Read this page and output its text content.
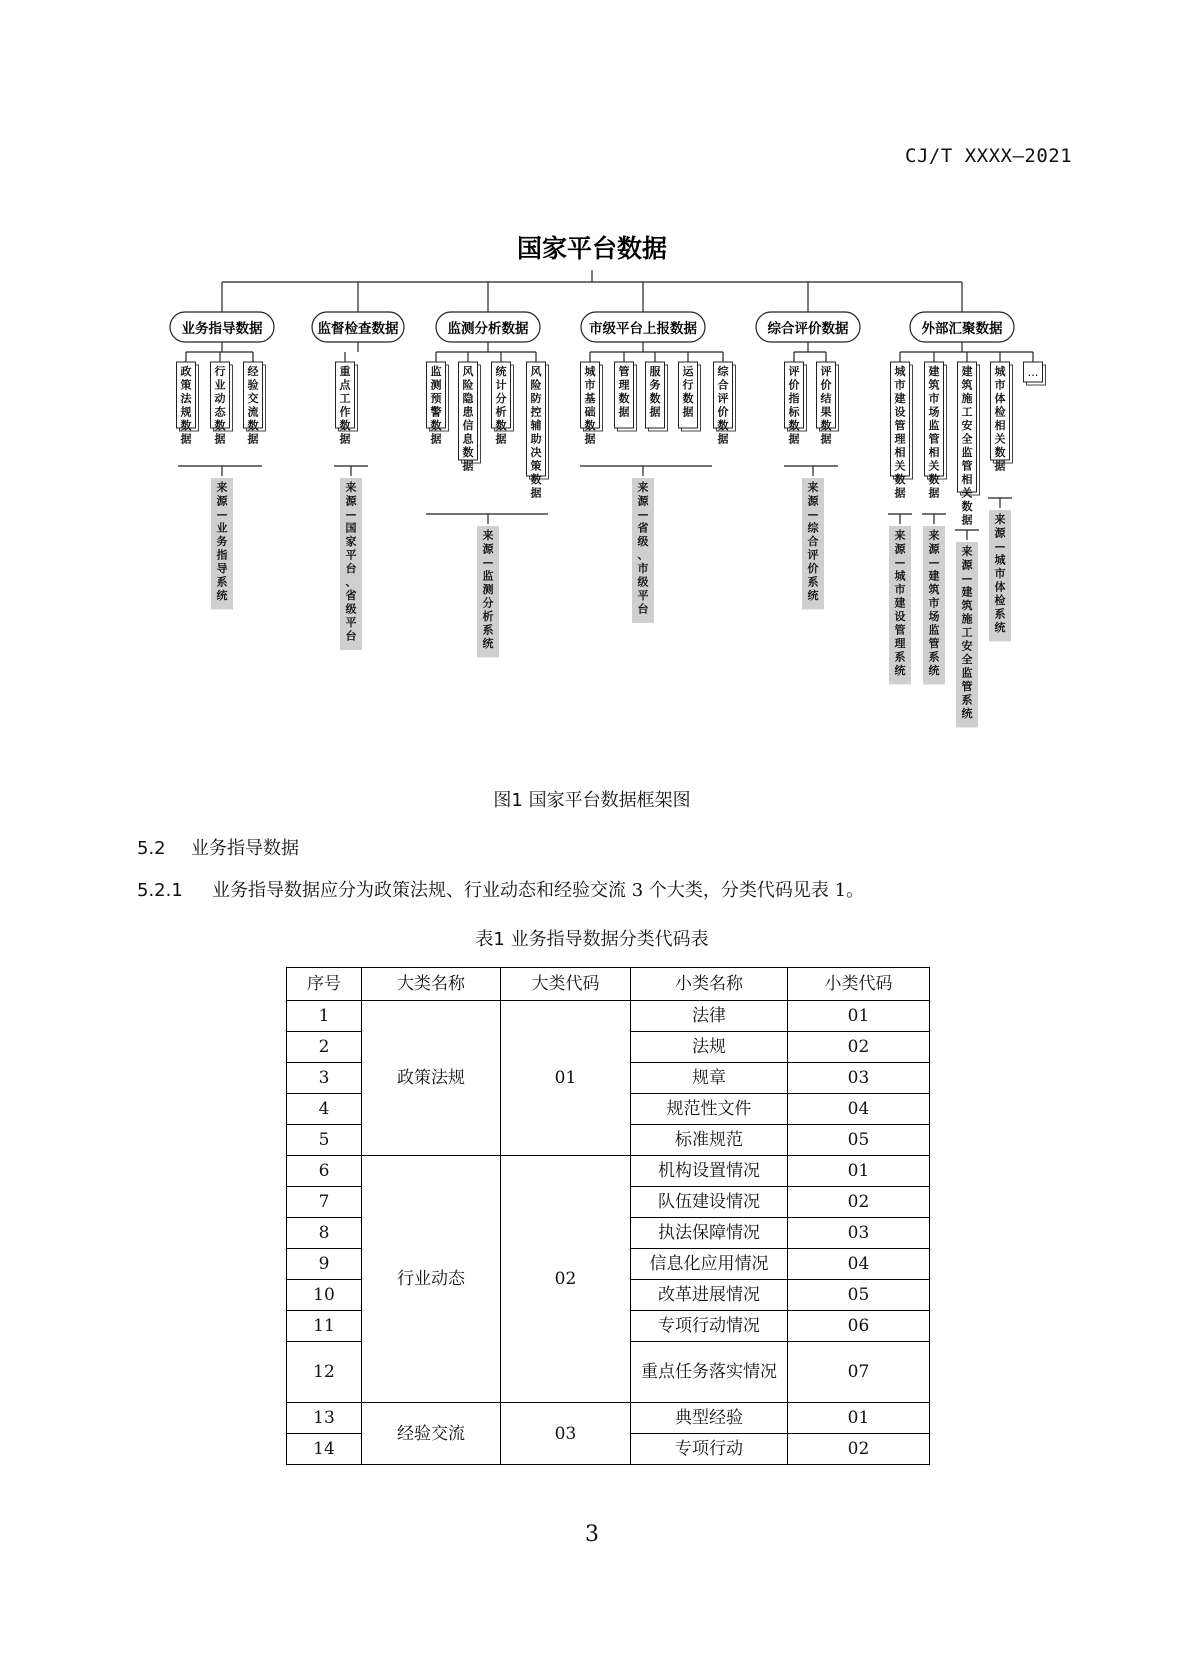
CJ/T XXXX—2021
国家平台数据
业务指导数据
政策法规数据
行业动态数据
经验交流数据
来源—业务指导系统
监督检查数据
重点工作数据
来源—国家平台、省级平台
监测分析数据
监测预警数据
风险隐患信息数据
统计分析数据
风险防控辅助决策数据
来源—监测分析系统
市级平台上报数据
城市基础数据
管理数据
服务数据
运行数据
综合评价数据
来源—省级、市级平台
综合评价数据
评价指标数据
评价结果数据
来源—综合评价系统
外部汇聚数据
城市建设管理相关数据
建筑市场监管相关数据
建筑施工安全监管相关数据
城市体检相关数据
…
来源—城市建设管理系统
来源—建筑市场监管系统
来源—建筑施工安全监管系统
来源—城市体检系统
图1 国家平台数据框架图
5.2 业务指导数据
5.2.1 业务指导数据应分为政策法规、行业动态和经验交流 3 个大类，分类代码见表 1。
表1 业务指导数据分类代码表
序号	大类名称	大类代码	小类名称	小类代码
1	政策法规	01	法律	01
2			法规	02
3			规章	03
4			规范性文件	04
5			标准规范	05
6	行业动态	02	机构设置情况	01
7			队伍建设情况	02
8			执法保障情况	03
9			信息化应用情况	04
10			改革进展情况	05
11			专项行动情况	06
12			重点任务落实情况	07
13	经验交流	03	典型经验	01
14			专项行动	02
3
